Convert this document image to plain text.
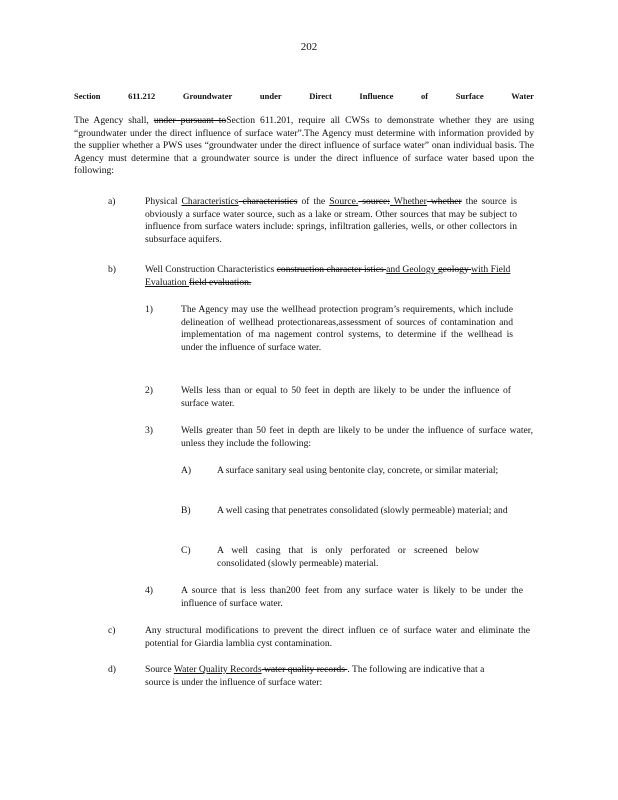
202
Section	611.212	Groundwater	under	Direct	Influence	of	Surface	Water
The Agency shall, under pursuant toSection 611.201, require all CWSs to demonstrate whether they are using “groundwater under the direct influence of surface water”.The Agency must determine with information provided by the supplier whether a PWS uses “groundwater under the direct influence of surface water” onan individual basis. The Agency must determine that a groundwater source is under the direct influence of surface water based upon the following:
a)	Physical Characteristics characteristics of the Source. source: Whether whether the source is obviously a surface water source, such as a lake or stream. Other sources that may be subject to influence from surface waters include: springs, infiltration galleries, wells, or other collectors in subsurface aquifers.
b)	Well Construction Characteristics construction character istics and Geology geology with Field Evaluation field evaluation.
1)	The Agency may use the wellhead protection program’s requirements, which include delineation of wellhead protectionareas,assessment of sources of contamination and implementation of ma nagement control systems, to determine if the wellhead is under the influence of surface water.
2)	Wells less than or equal to 50 feet in depth are likely to be under the influence of surface water.
3)	Wells greater than 50 feet in depth are likely to be under the influence of surface water, unless they include the following:
A)	A surface sanitary seal using bentonite clay, concrete, or similar material;
B)	A well casing that penetrates consolidated (slowly permeable) material; and
C)	A well casing that is only perforated or screened below consolidated (slowly permeable) material.
4)	A source that is less than200 feet from any surface water is likely to be under the influence of surface water.
c)	Any structural modifications to prevent the direct influen ce of surface water and eliminate the potential for Giardia lamblia cyst contamination.
d)	Source Water Quality Records water quality records . The following are indicative that a source is under the influence of surface water:
